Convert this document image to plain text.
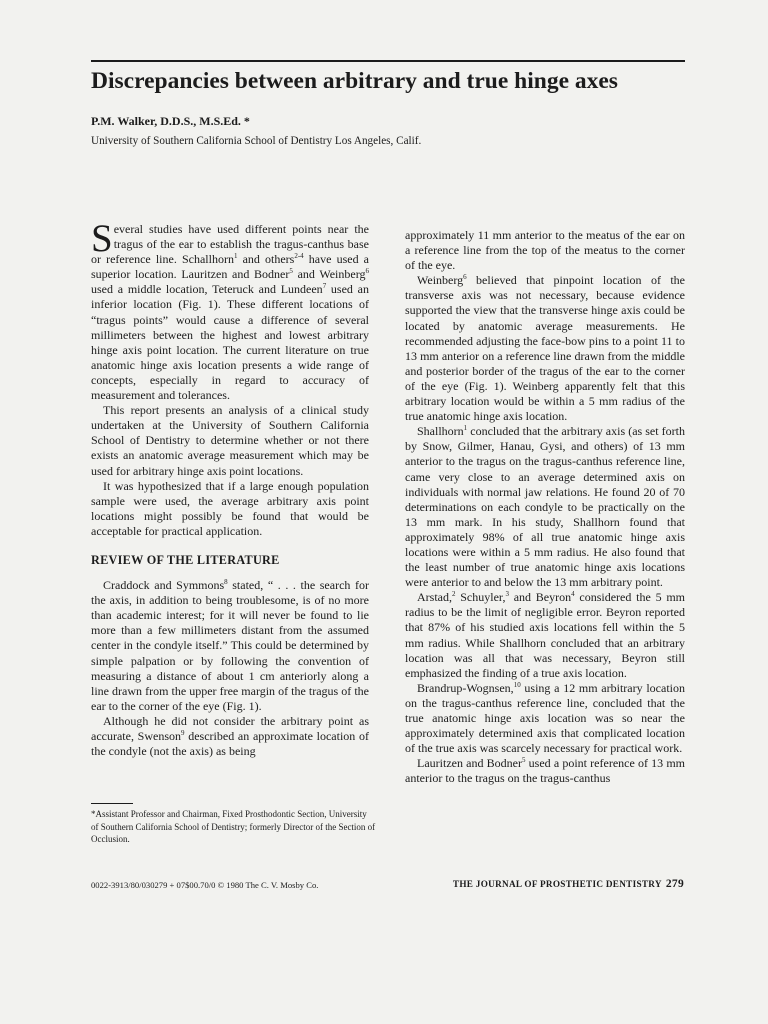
Discrepancies between arbitrary and true hinge axes
P.M. Walker, D.D.S., M.S.Ed. *
University of Southern California School of Dentistry Los Angeles, Calif.

Several studies have used different points near the tragus of the ear to establish the tragus-canthus base or reference line. Schallhorn$^1$ and others$^{2-4}$ have used a superior location. Lauritzen and Bodner$^5$ and Weinberg$^6$ used a middle location, Teteruck and Lundeen$^7$ used an inferior location (Fig. 1). These different locations of “tragus points” would cause a difference of several millimeters between the highest and lowest arbitrary hinge axis point location. The current literature on true anatomic hinge axis location presents a wide range of concepts, especially in regard to accuracy of measurement and tolerances.

This report presents an analysis of a clinical study undertaken at the University of Southern California School of Dentistry to determine whether or not there exists an anatomic average measurement which may be used for arbitrary hinge axis point locations.

It was hypothesized that if a large enough population sample were used, the average arbitrary axis point locations might possibly be found that would be acceptable for practical application.

REVIEW OF THE LITERATURE

Craddock and Symmons$^8$ stated, “ . . . the search for the axis, in addition to being troublesome, is of no more than academic interest; for it will never be found to lie more than a few millimeters distant from the assumed center in the condyle itself.” This could be determined by simple palpation or by following the convention of measuring a distance of about 1 cm anteriorly along a line drawn from the upper free margin of the tragus of the ear to the corner of the eye (Fig. 1).

Although he did not consider the arbitrary point as accurate, Swenson$^9$ described an approximate location of the condyle (not the axis) as being

approximately 11 mm anterior to the meatus of the ear on a reference line from the top of the meatus to the corner of the eye.

Weinberg$^6$ believed that pinpoint location of the transverse axis was not necessary, because evidence supported the view that the transverse hinge axis could be located by anatomic average measurements. He recommended adjusting the face-bow pins to a point 11 to 13 mm anterior on a reference line drawn from the middle and posterior border of the tragus of the ear to the corner of the eye (Fig. 1). Weinberg apparently felt that this arbitrary location would be within a 5 mm radius of the true anatomic hinge axis location.

Shallhorn$^1$ concluded that the arbitrary axis (as set forth by Snow, Gilmer, Hanau, Gysi, and others) of 13 mm anterior to the tragus on the tragus-canthus reference line, came very close to an average determined axis on individuals with normal jaw relations. He found 20 of 70 determinations on each condyle to be practically on the 13 mm mark. In his study, Shallhorn found that approximately 98% of all true anatomic hinge axis locations were within a 5 mm radius. He also found that the least number of true anatomic hinge axis locations were anterior to and below the 13 mm arbitrary point.

Arstad,$^2$ Schuyler,$^3$ and Beyron$^4$ considered the 5 mm radius to be the limit of negligible error. Beyron reported that 87% of his studied axis locations fell within the 5 mm radius. While Shallhorn concluded that an arbitrary location was all that was necessary, Beyron still emphasized the finding of a true axis location.

Brandrup-Wognsen,$^{10}$ using a 12 mm arbitrary location on the tragus-canthus reference line, concluded that the true anatomic hinge axis location was so near the approximately determined axis that complicated location of the true axis was scarcely necessary for practical work.

Lauritzen and Bodner$^5$ used a point reference of 13 mm anterior to the tragus on the tragus-canthus

*Assistant Professor and Chairman, Fixed Prosthodontic Section, University of Southern California School of Dentistry; formerly Director of the Section of Occlusion.
0022-3913/80/030279 + 07$00.70/0 © 1980 The C. V. Mosby Co.	THE JOURNAL OF PROSTHETIC DENTISTRY 279
